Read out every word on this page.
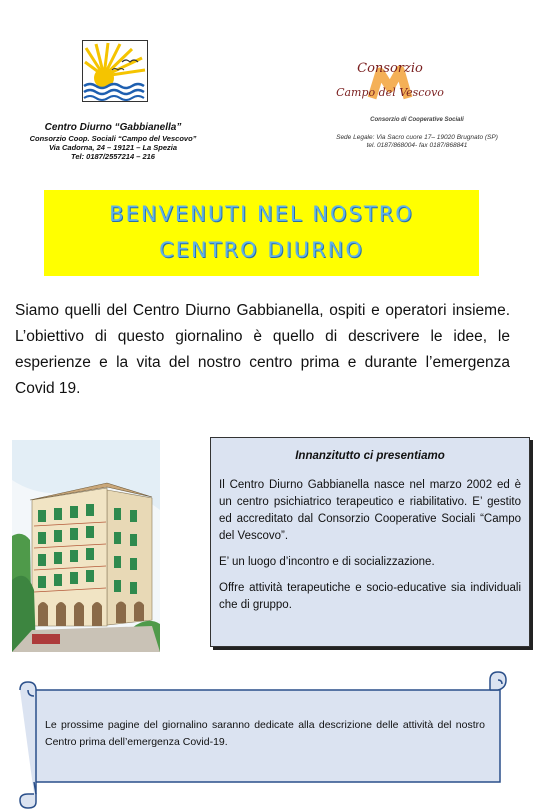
Centro Diurno “Gabbianella”
Consorzio Coop. Sociali “Campo del Vescovo”
Via Cadorna, 24 – 19121 – La Spezia
Tel: 0187/2557214 – 216
Consorzio
Campo del Vescovo
Consorzio di Cooperative Sociali
Sede Legale: Via Sacro cuore 17– 19020 Brugnato (SP)
tel. 0187/868004- fax 0187/868841
BENVENUTI NEL NOSTRO
CENTRO DIURNO
Siamo quelli del Centro Diurno Gabbianella, ospiti e operatori insieme. L’obiettivo di questo giornalino è quello di descrivere le idee, le esperienze e la vita del nostro centro prima e durante l’emergenza Covid 19.
Innanzitutto ci presentiamo

Il Centro Diurno Gabbianella nasce nel marzo 2002 ed è un centro psichiatrico terapeutico e riabilitativo. E’ gestito ed accreditato dal Consorzio Cooperative Sociali “Campo del Vescovo”.

E’ un luogo d’incontro e di socializzazione.

Offre attività terapeutiche e socio-educative sia individuali che di gruppo.

Le prossime pagine del giornalino saranno dedicate alla descrizione delle attività del nostro Centro prima dell’emergenza Covid-19.
